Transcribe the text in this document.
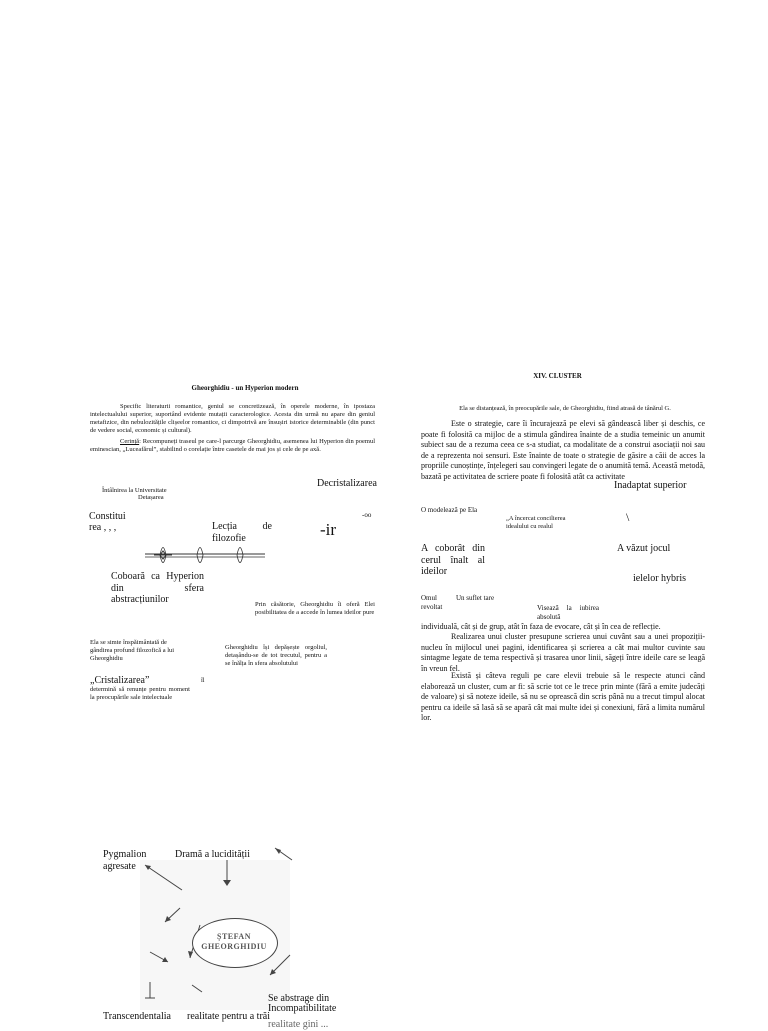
Gheorghidiu - un Hyperion modern

Specific literaturii romantice, geniul se concretizează, în operele moderne, în ipostaza intelectualului superior, suportând evidente mutații caracterologice. Acesta din urmă nu apare din geniul metafizice, din nebulozitățile clișeelor romantice, ci dimpotrivă are însușiri istorice determinabile (din punct de vedere social, economic și cultural).

Cerință: Recompuneți traseul pe care-l parcurge Gheorghidiu, asemenea lui Hyperion din poemul eminescian, „Luceafărul”, stabilind o corelație între casetele de mai jos și cele de pe axă.

Întâlnirea la Universitate
Detașarea
Constitui
rea , , ,
Decristalizarea
-oo
Lecția de filozofie	-ir
Coboară ca Hyperion din sfera abstracțiunilor	Prin căsătorie, Gheorghidiu îi oferă Elei posibilitatea de a accede în lumea ideilor pure
Ela se simte înspăimântată de gândirea profund filozofică a lui Gheorghidiu
Gheorghidiu își depășește orgoliul, detașându-se de tot trecutul, pentru a se înălța în sfera absolutului
„Cristalizarea”	îl
determină să renunțe pentru moment la preocupările sale intelectuale
XIV. CLUSTER
Ela se distanțează, în preocupările sale, de Gheorghidiu, fiind atrasă de tânărul G.

Este o strategie, care îi încurajează pe elevi să gândească liber și deschis, ce poate fi folosită ca mijloc de a stimula gândirea înainte de a studia temeinic un anumit subiect sau de a rezuma ceea ce s-a studiat, ca modalitate de a construi asociații noi sau de a reprezenta noi sensuri. Este înainte de toate o strategie de găsire a căii de acces la propriile cunoștințe, înțelegeri sau convingeri legate de o anumită temă. Această metodă, bazată pe activitatea de scriere poate fi folosită atât ca activitate

Inadaptat superior
O modelează pe Ela
„A încercat concilierea idealului cu realul
\
A coborât din cerul înalt al ideilor
A văzut jocul
ielelor hybris
Omul revoltat
Un suflet tare
Visează la iubirea absolută

individuală, cât și de grup, atât în faza de evocare, cât și în cea de reflecție.

Realizarea unui cluster presupune scrierea unui cuvânt sau a unei propoziții-nucleu în mijlocul unei pagini, identificarea și scrierea a cât mai multor cuvinte sau sintagme legate de tema respectivă și trasarea unor linii, săgeți între ideile care se leagă în vreun fel.

Există și câteva reguli pe care elevii trebuie să le respecte atunci când elaborează un cluster, cum ar fi: să scrie tot ce le trece prin minte (fără a emite judecăți de valoare) și să noteze ideile, să nu se oprească din scris până nu a trecut timpul alocat pentru ca ideile să lasă să se apară cât mai multe idei și conexiuni, fără a limita numărul lor.

Pygmalion agresate
Dramă a lucidității
ȘTEFAN GHEORGHIDIU
Se abstrage din
Incompatibilitate
Transcendentalia realitate pentru a trăi
realitate gini ...
